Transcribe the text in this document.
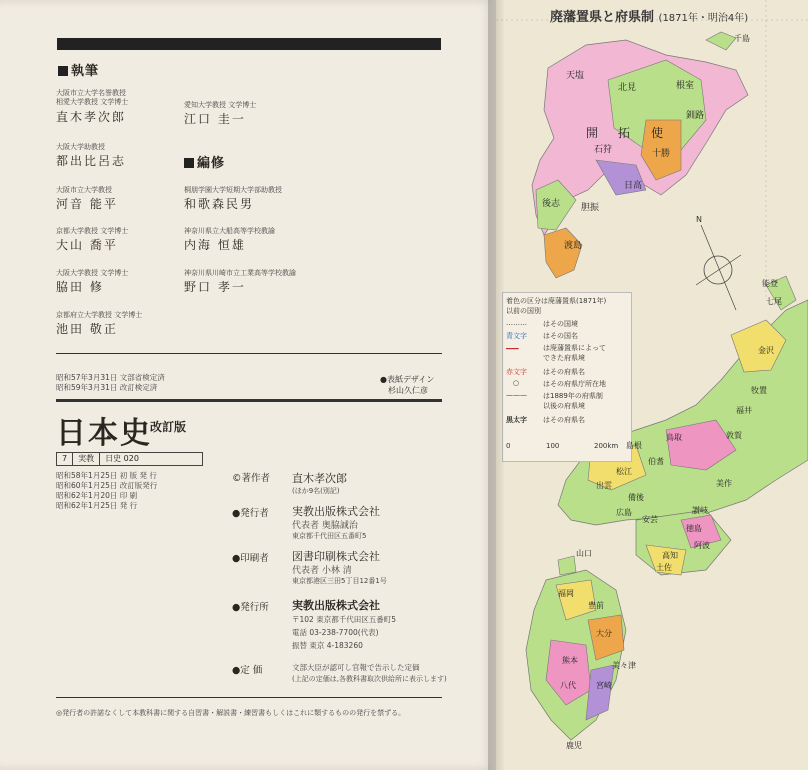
執筆
大阪市立大学名誉教授
相愛大学教授 文学博士
直木孝次郎
大阪大学助教授
都出比呂志
大阪市立大学教授
河音 能平
京都大学教授 文学博士
大山 喬平
大阪大学教授 文学博士
脇田 修
京都府立大学教授 文学博士
池田 敬正
愛知大学教授 文学博士
江口 圭一
編修
桐朋学園大学短期大学部助教授
和歌森民男
神奈川県立大船高等学校教諭
内海 恒雄
神奈川県川崎市立工業高等学校教諭
野口 孝一
昭和57年3月31日 文部省検定済
昭和59年3月31日 改訂検定済
●表紙デザイン
杉山久仁彦
日本史
改訂版
7	実教	日史 020
昭和58年1月25日 初 版 発 行
昭和60年1月25日 改訂版発行
昭和62年1月20日 印 刷
昭和62年1月25日 発 行
©著作者 直木孝次郎
(ほか9名(別記)
●発行者 実教出版株式会社
代表者 奥脇誠治
東京都千代田区五番町5
●印刷者 図書印刷株式会社
代表者 小林 清
東京都港区三田5丁目12番1号
●発行所 実教出版株式会社
〒102 東京都千代田区五番町5
電話 03-238-7700(代表)
振替 東京 4-183260
●定 価	文部大臣が認可し官報で告示した定価
(上記の定価は,各教科書取次供給所に表示します)
◎発行者の許諾なくして本教科書に関する自習書・解説書・練習書もしくはこれに類するものの発行を禁ずる。
N
着色の区分は廃藩置県(1871年)
以前の国別
……… はその国境
青文字 はその国名
━━━	は廃藩置県によって
できた府県境
赤文字 はその府県名
○	はその府県庁所在地
——— は1889年の府県制
以後の府県境
黒太字 はその府県名
0	100	200km
千島
天塩
北見	根室
釧路
開 拓 使
石狩	十勝
日高
後志
渡島
胆振
能登
七尾
金沢
牧置
福井
敦賀
鳥取
島根
松江
美作
出雲
備後
広島
安芸
徳島
高知
土佐
山口
福岡
豊前
大分
熊本
美々津
宮崎
八代
鹿児
伯耆
阿波
讃岐
廃藩置県と府県制 (1871年・明治4年)
